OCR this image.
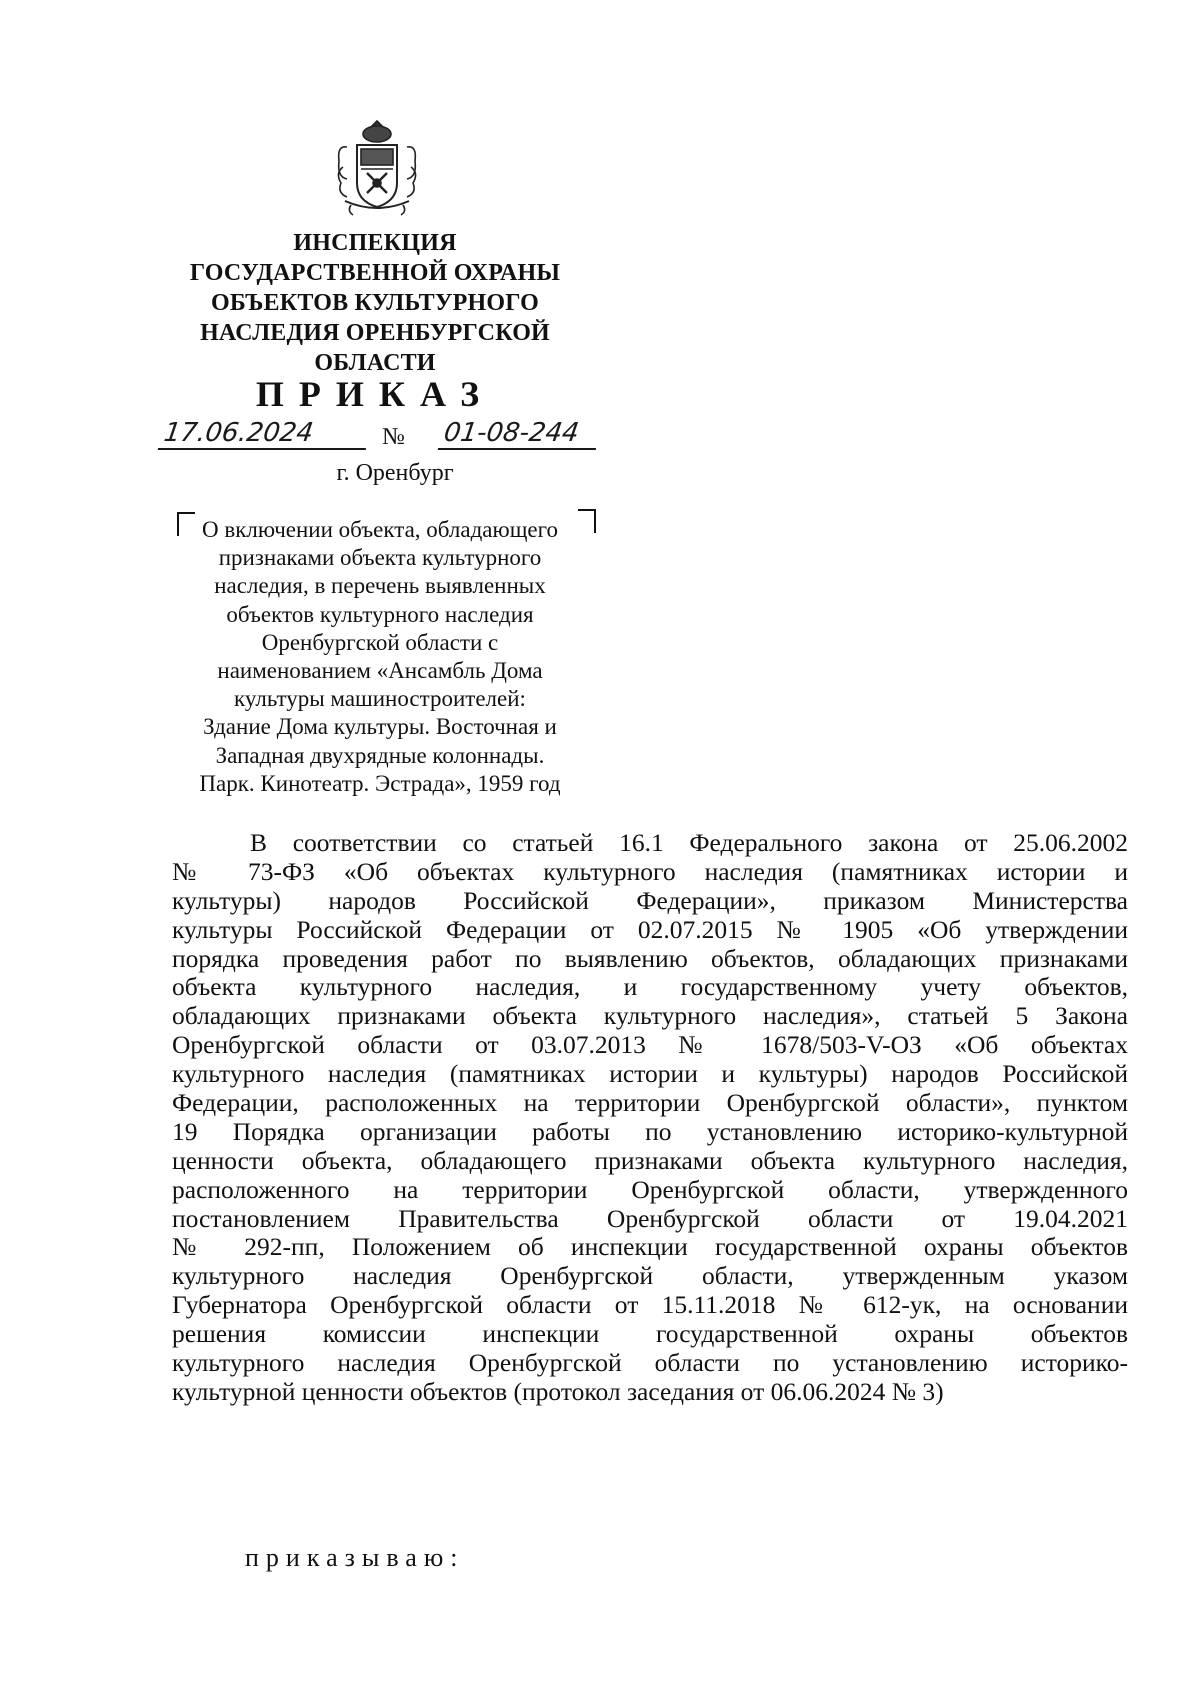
ИНСПЕКЦИЯ
ГОСУДАРСТВЕННОЙ ОХРАНЫ
ОБЪЕКТОВ КУЛЬТУРНОГО
НАСЛЕДИЯ ОРЕНБУРГСКОЙ
ОБЛАСТИ
ПРИКАЗ
17.06.2024	№ 01-08-244
г. Оренбург
О включении объекта, обладающего
признаками объекта культурного
наследия, в перечень выявленных
объектов культурного наследия
Оренбургской области с
наименованием «Ансамбль Дома
культуры машиностроителей:
Здание Дома культуры. Восточная и
Западная двухрядные колоннады.
Парк. Кинотеатр. Эстрада», 1959 год
В соответствии со статьей 16.1 Федерального закона от 25.06.2002
№ 73-ФЗ «Об объектах культурного наследия (памятниках истории и
культуры) народов Российской Федерации», приказом Министерства
культуры Российской Федерации от 02.07.2015 № 1905 «Об утверждении
порядка проведения работ по выявлению объектов, обладающих признаками
объекта культурного наследия, и государственному учету объектов,
обладающих признаками объекта культурного наследия», статьей 5 Закона
Оренбургской области от 03.07.2013 № 1678/503-V-ОЗ «Об объектах
культурного наследия (памятниках истории и культуры) народов Российской
Федерации, расположенных на территории Оренбургской области», пунктом
19 Порядка организации работы по установлению историко-культурной
ценности объекта, обладающего признаками объекта культурного наследия,
расположенного на территории Оренбургской области, утвержденного
постановлением Правительства Оренбургской области от 19.04.2021
№ 292-пп, Положением об инспекции государственной охраны объектов
культурного наследия Оренбургской области, утвержденным указом
Губернатора Оренбургской области от 15.11.2018 № 612-ук, на основании
решения комиссии инспекции государственной охраны объектов
культурного наследия Оренбургской области по установлению историко-
культурной ценности объектов (протокол заседания от 06.06.2024 № 3)
приказываю:
